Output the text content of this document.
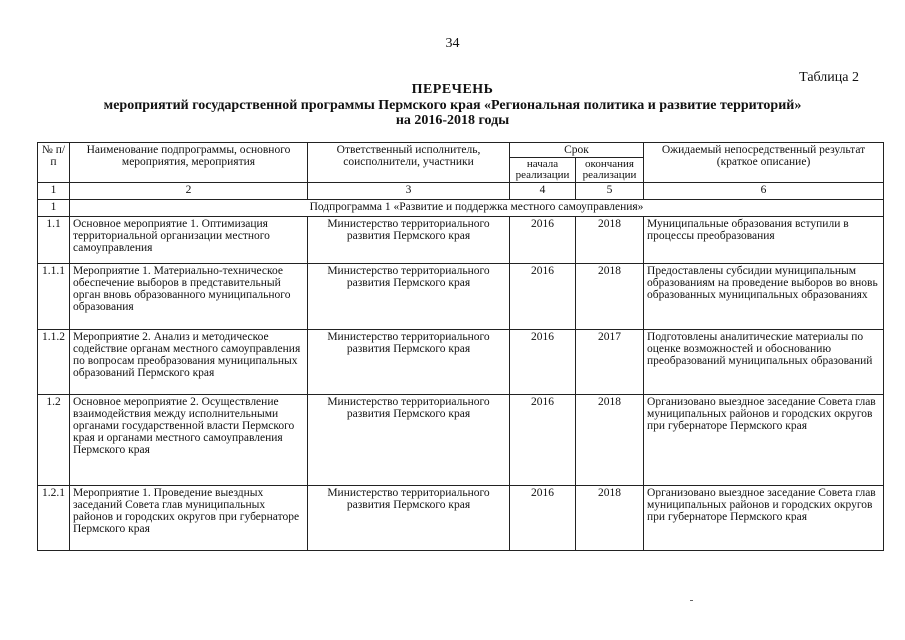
34
Таблица 2
ПЕРЕЧЕНЬ
мероприятий государственной программы Пермского края «Региональная политика и развитие территорий»
на 2016-2018 годы
№ п/п	Наименование подпрограммы, основного мероприятия, мероприятия	Ответственный исполнитель, соисполнители, участники	Срок		Ожидаемый непосредственный результат (краткое описание)
			начала реализации	окончания реализации	
1	2	3	4	5	6
1	Подпрограмма 1 «Развитие и поддержка местного самоуправления»				
1.1	Основное мероприятие 1. Оптимизация территориальной организации местного самоуправления	Министерство территориального развития Пермского края	2016	2018	Муниципальные образования вступили в процессы преобразования
1.1.1	Мероприятие 1. Материально-техническое обеспечение выборов в представительный орган вновь образованного муниципального образования	Министерство территориального развития Пермского края	2016	2018	Предоставлены субсидии муниципальным образованиям на проведение выборов во вновь образованных муниципальных образованиях
1.1.2	Мероприятие 2. Анализ и методическое содействие органам местного самоуправления по вопросам преобразования муниципальных образований Пермского края	Министерство территориального развития Пермского края	2016	2017	Подготовлены аналитические материалы по оценке возможностей и обоснованию преобразований муниципальных образований
1.2	Основное мероприятие 2. Осуществление взаимодействия между исполнительными органами государственной власти Пермского края и органами местного самоуправления Пермского края	Министерство территориального развития Пермского края	2016	2018	Организовано выездное заседание Совета глав муниципальных районов и городских округов при губернаторе Пермского края
1.2.1	Мероприятие 1. Проведение выездных заседаний Совета глав муниципальных районов и городских округов при губернаторе Пермского края	Министерство территориального развития Пермского края	2016	2018	Организовано выездное заседание Совета глав муниципальных районов и городских округов при губернаторе Пермского края
